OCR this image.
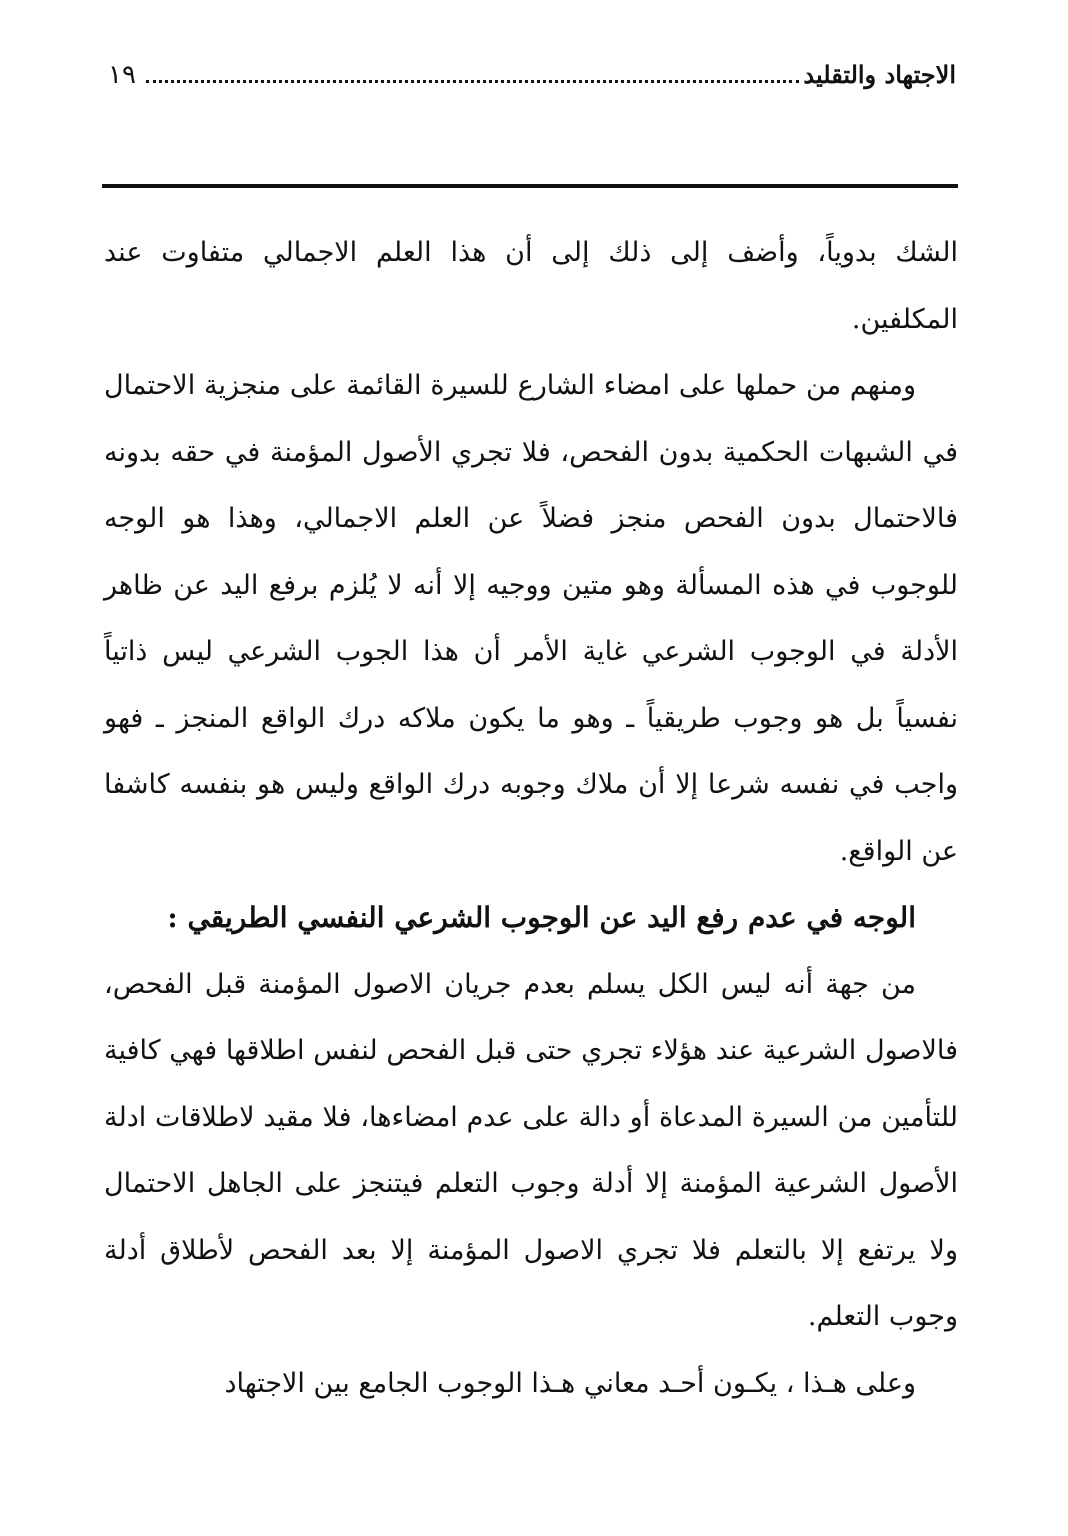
١٩	الاجتهاد والتقليد

الشك بدوياً، وأضف إلى ذلك إلى أن هذا العلم الاجمالي متفاوت عند المكلفين.

ومنهم من حملها على امضاء الشارع للسيرة القائمة على منجزية الاحتمال في الشبهات الحكمية بدون الفحص، فلا تجري الأصول المؤمنة في حقه بدونه فالاحتمال بدون الفحص منجز فضلاً عن العلم الاجمالي، وهذا هو الوجه للوجوب في هذه المسألة وهو متين ووجيه إلا أنه لا يُلزم برفع اليد عن ظاهر الأدلة في الوجوب الشرعي غاية الأمر أن هذا الجوب الشرعي ليس ذاتياً نفسياً بل هو وجوب طريقياً ـ وهو ما يكون ملاكه درك الواقع المنجز ـ فهو واجب في نفسه شرعا إلا أن ملاك وجوبه درك الواقع وليس هو بنفسه كاشفا عن الواقع.

الوجه في عدم رفع اليد عن الوجوب الشرعي النفسي الطريقي :

من جهة أنه ليس الكل يسلم بعدم جريان الاصول المؤمنة قبل الفحص، فالاصول الشرعية عند هؤلاء تجري حتى قبل الفحص لنفس اطلاقها فهي كافية للتأمين من السيرة المدعاة أو دالة على عدم امضاءها، فلا مقيد لاطلاقات ادلة الأصول الشرعية المؤمنة إلا أدلة وجوب التعلم فيتنجز على الجاهل الاحتمال ولا يرتفع إلا بالتعلم فلا تجري الاصول المؤمنة إلا بعد الفحص لأطلاق أدلة وجوب التعلم.

وعلى هـذا ، يكـون أحـد معاني هـذا الوجوب الجامع بين الاجتهاد
